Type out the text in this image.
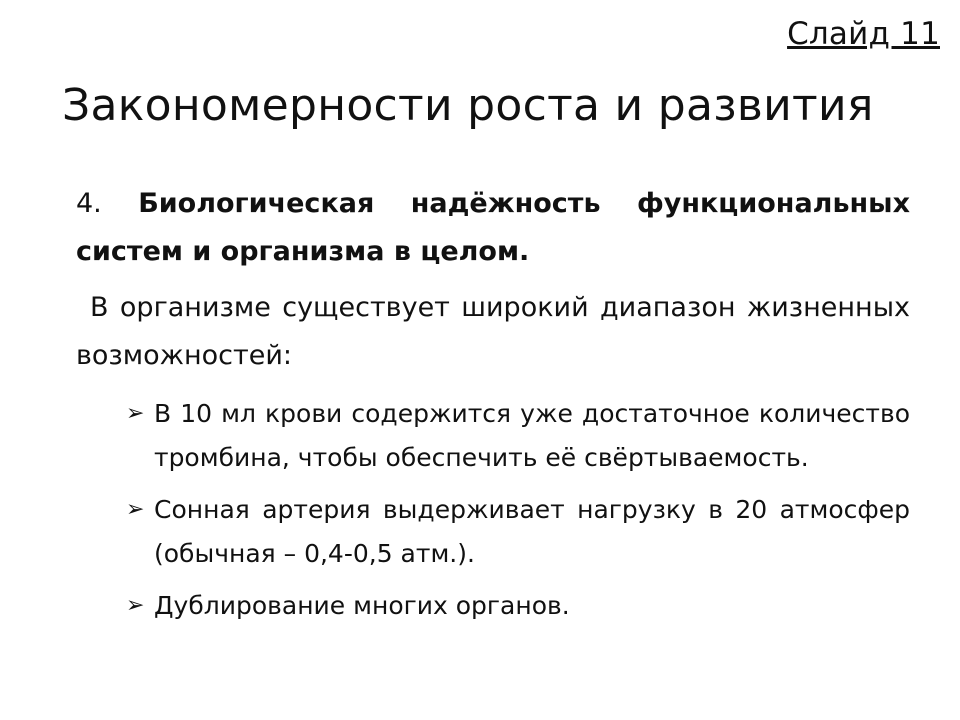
Слайд 11
Закономерности роста и развития

4. Биологическая надёжность функциональных систем и организма в целом.

В организме существует широкий диапазон жизненных возможностей:

➢ В 10 мл крови содержится уже достаточное количество тромбина, чтобы обеспечить её свёртываемость.
➢ Сонная артерия выдерживает нагрузку в 20 атмосфер (обычная – 0,4-0,5 атм.).
➢ Дублирование многих органов.
